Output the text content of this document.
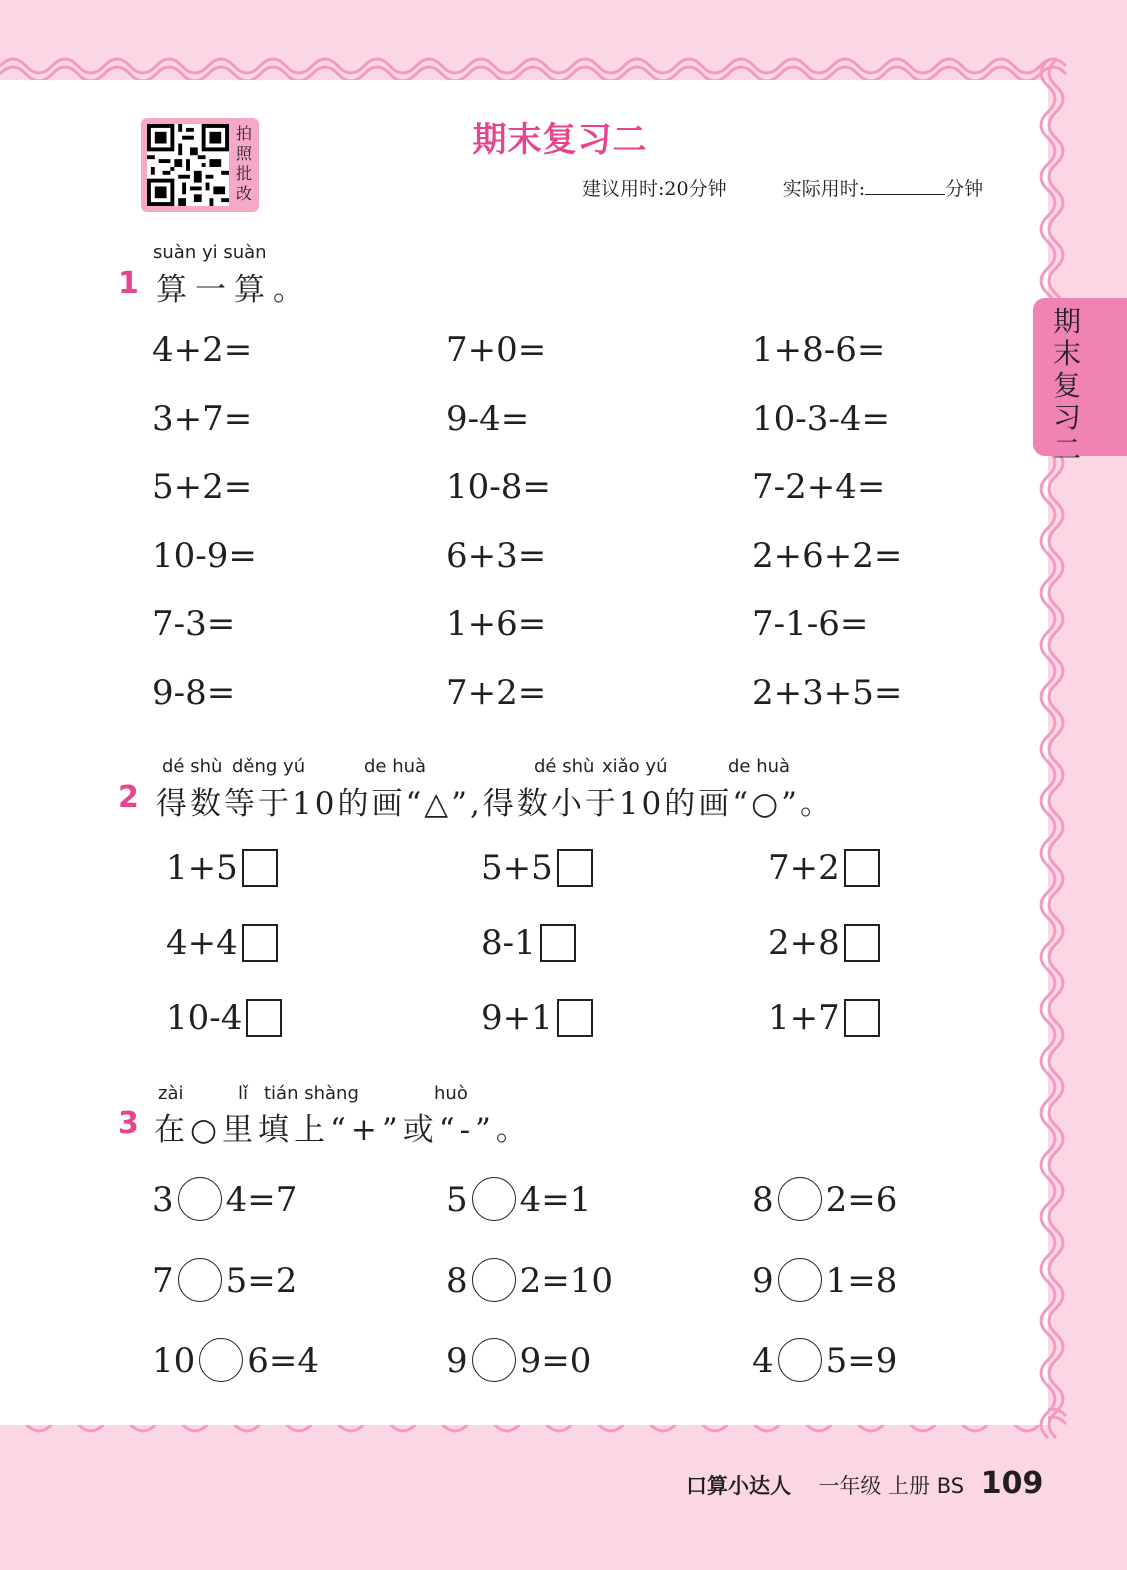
拍
照
批
改
期末复习二
建议用时:20分钟	实际用时:	分钟
期
末
复
习
二
suàn yi suàn
1 算一算。
4+2=	7+0=	1+8-6=
3+7=	9-4=	10-3-4=
5+2=	10-8=	7-2+4=
10-9=	6+3=	2+6+2=
7-3=	1+6=	7-1-6=
9-8=	7+2=	2+3+5=
dé shù děng yú	de huà	dé shù xiǎo yú	de huà
2 得数等于10的画“△”,得数小于10的画“○”。
1+5	5+5	7+2
4+4	8-1	2+8
10-4	9+1	1+7
zài	lǐ tián shàng	huò
3 在○里填上“+”或“-”。
3 4=7	5 4=1	8 2=6
7 5=2	8 2=10	9 1=8
10 6=4	9 9=0	4 5=9
口算小达人 一年级 上册 BS 109
